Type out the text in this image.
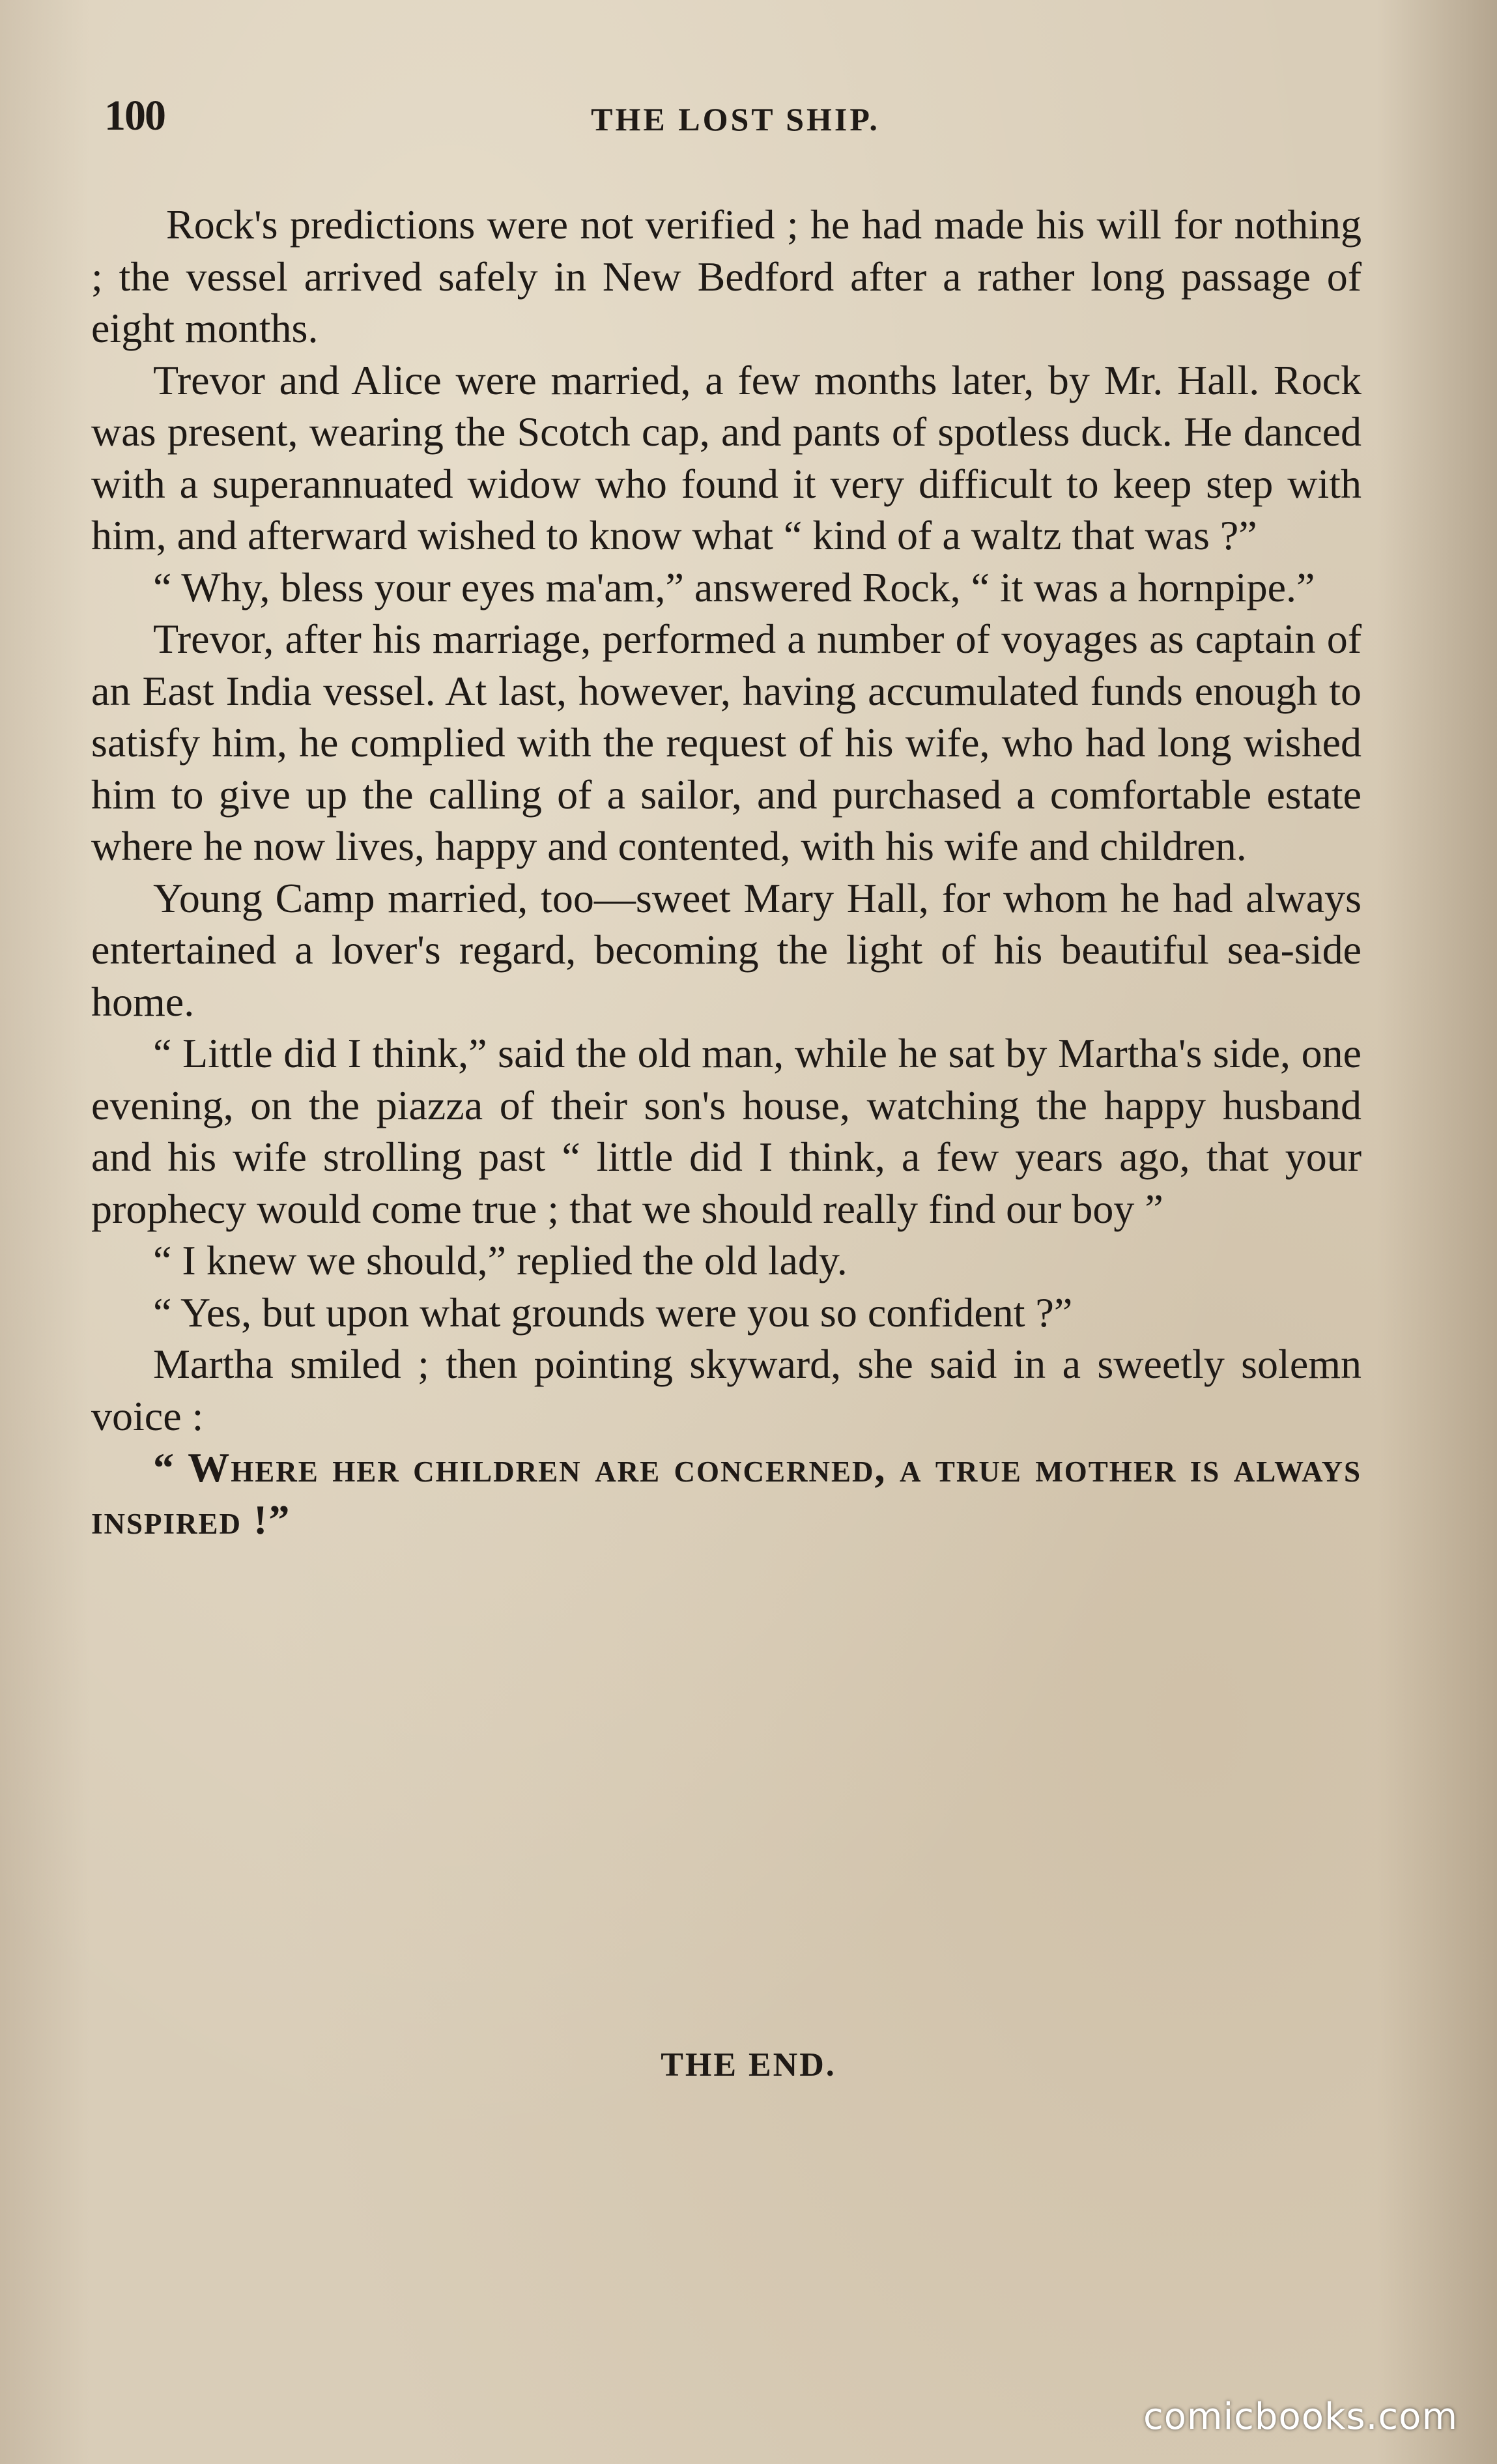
100	THE LOST SHIP.

Rock's predictions were not verified ; he had made his will for nothing ; the vessel arrived safely in New Bedford after a rather long passage of eight months.

Trevor and Alice were married, a few months later, by Mr. Hall. Rock was present, wearing the Scotch cap, and pants of spotless duck. He danced with a superannuated widow who found it very difficult to keep step with him, and afterward wished to know what “ kind of a waltz that was ?”

“ Why, bless your eyes ma'am,” answered Rock, “ it was a hornpipe.”

Trevor, after his marriage, performed a number of voyages as captain of an East India vessel. At last, however, having accumulated funds enough to satisfy him, he complied with the request of his wife, who had long wished him to give up the calling of a sailor, and purchased a comfortable estate where he now lives, happy and contented, with his wife and children.

Young Camp married, too—sweet Mary Hall, for whom he had always entertained a lover's regard, becoming the light of his beautiful sea-side home.

“ Little did I think,” said the old man, while he sat by Martha's side, one evening, on the piazza of their son's house, watching the happy husband and his wife strolling past “ little did I think, a few years ago, that your prophecy would come true ; that we should really find our boy ”

“ I knew we should,” replied the old lady.

“ Yes, but upon what grounds were you so confident ?”

Martha smiled ; then pointing skyward, she said in a sweetly solemn voice :

“ Where her children are concerned, a true mother is always inspired !”

comicbooks.com
THE END.
